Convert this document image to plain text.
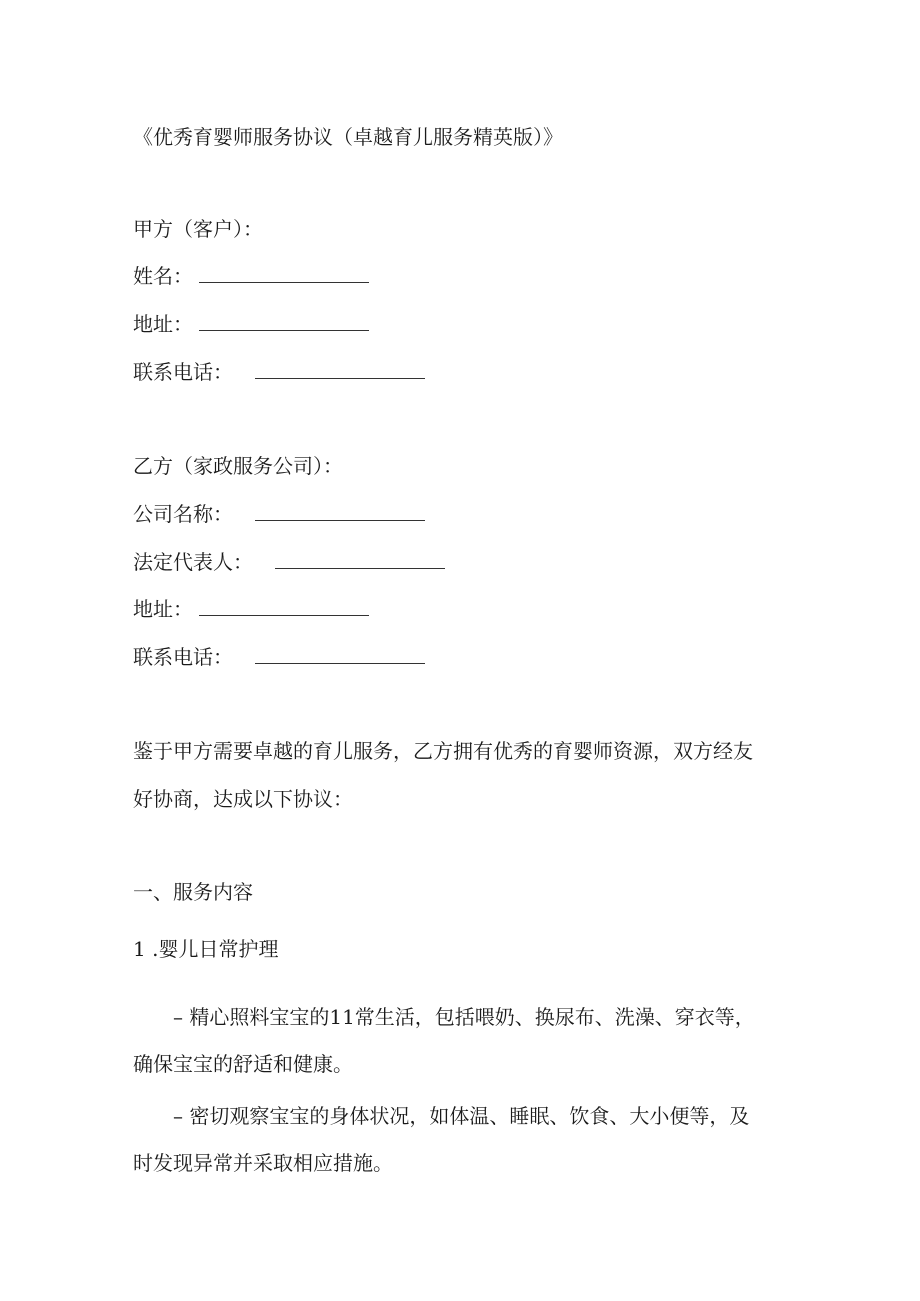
《优秀育婴师服务协议（卓越育儿服务精英版）》
甲方（客户）：
姓名：
地址：
联系电话：
乙方（家政服务公司）：
公司名称：
法定代表人：
地址：
联系电话：
鉴于甲方需要卓越的育儿服务，乙方拥有优秀的育婴师资源，双方经友
好协商，达成以下协议：
一、服务内容
1 .婴儿日常护理
– 精心照料宝宝的11常生活，包括喂奶、换尿布、洗澡、穿衣等，
确保宝宝的舒适和健康。
– 密切观察宝宝的身体状况，如体温、睡眠、饮食、大小便等，及
时发现异常并采取相应措施。
